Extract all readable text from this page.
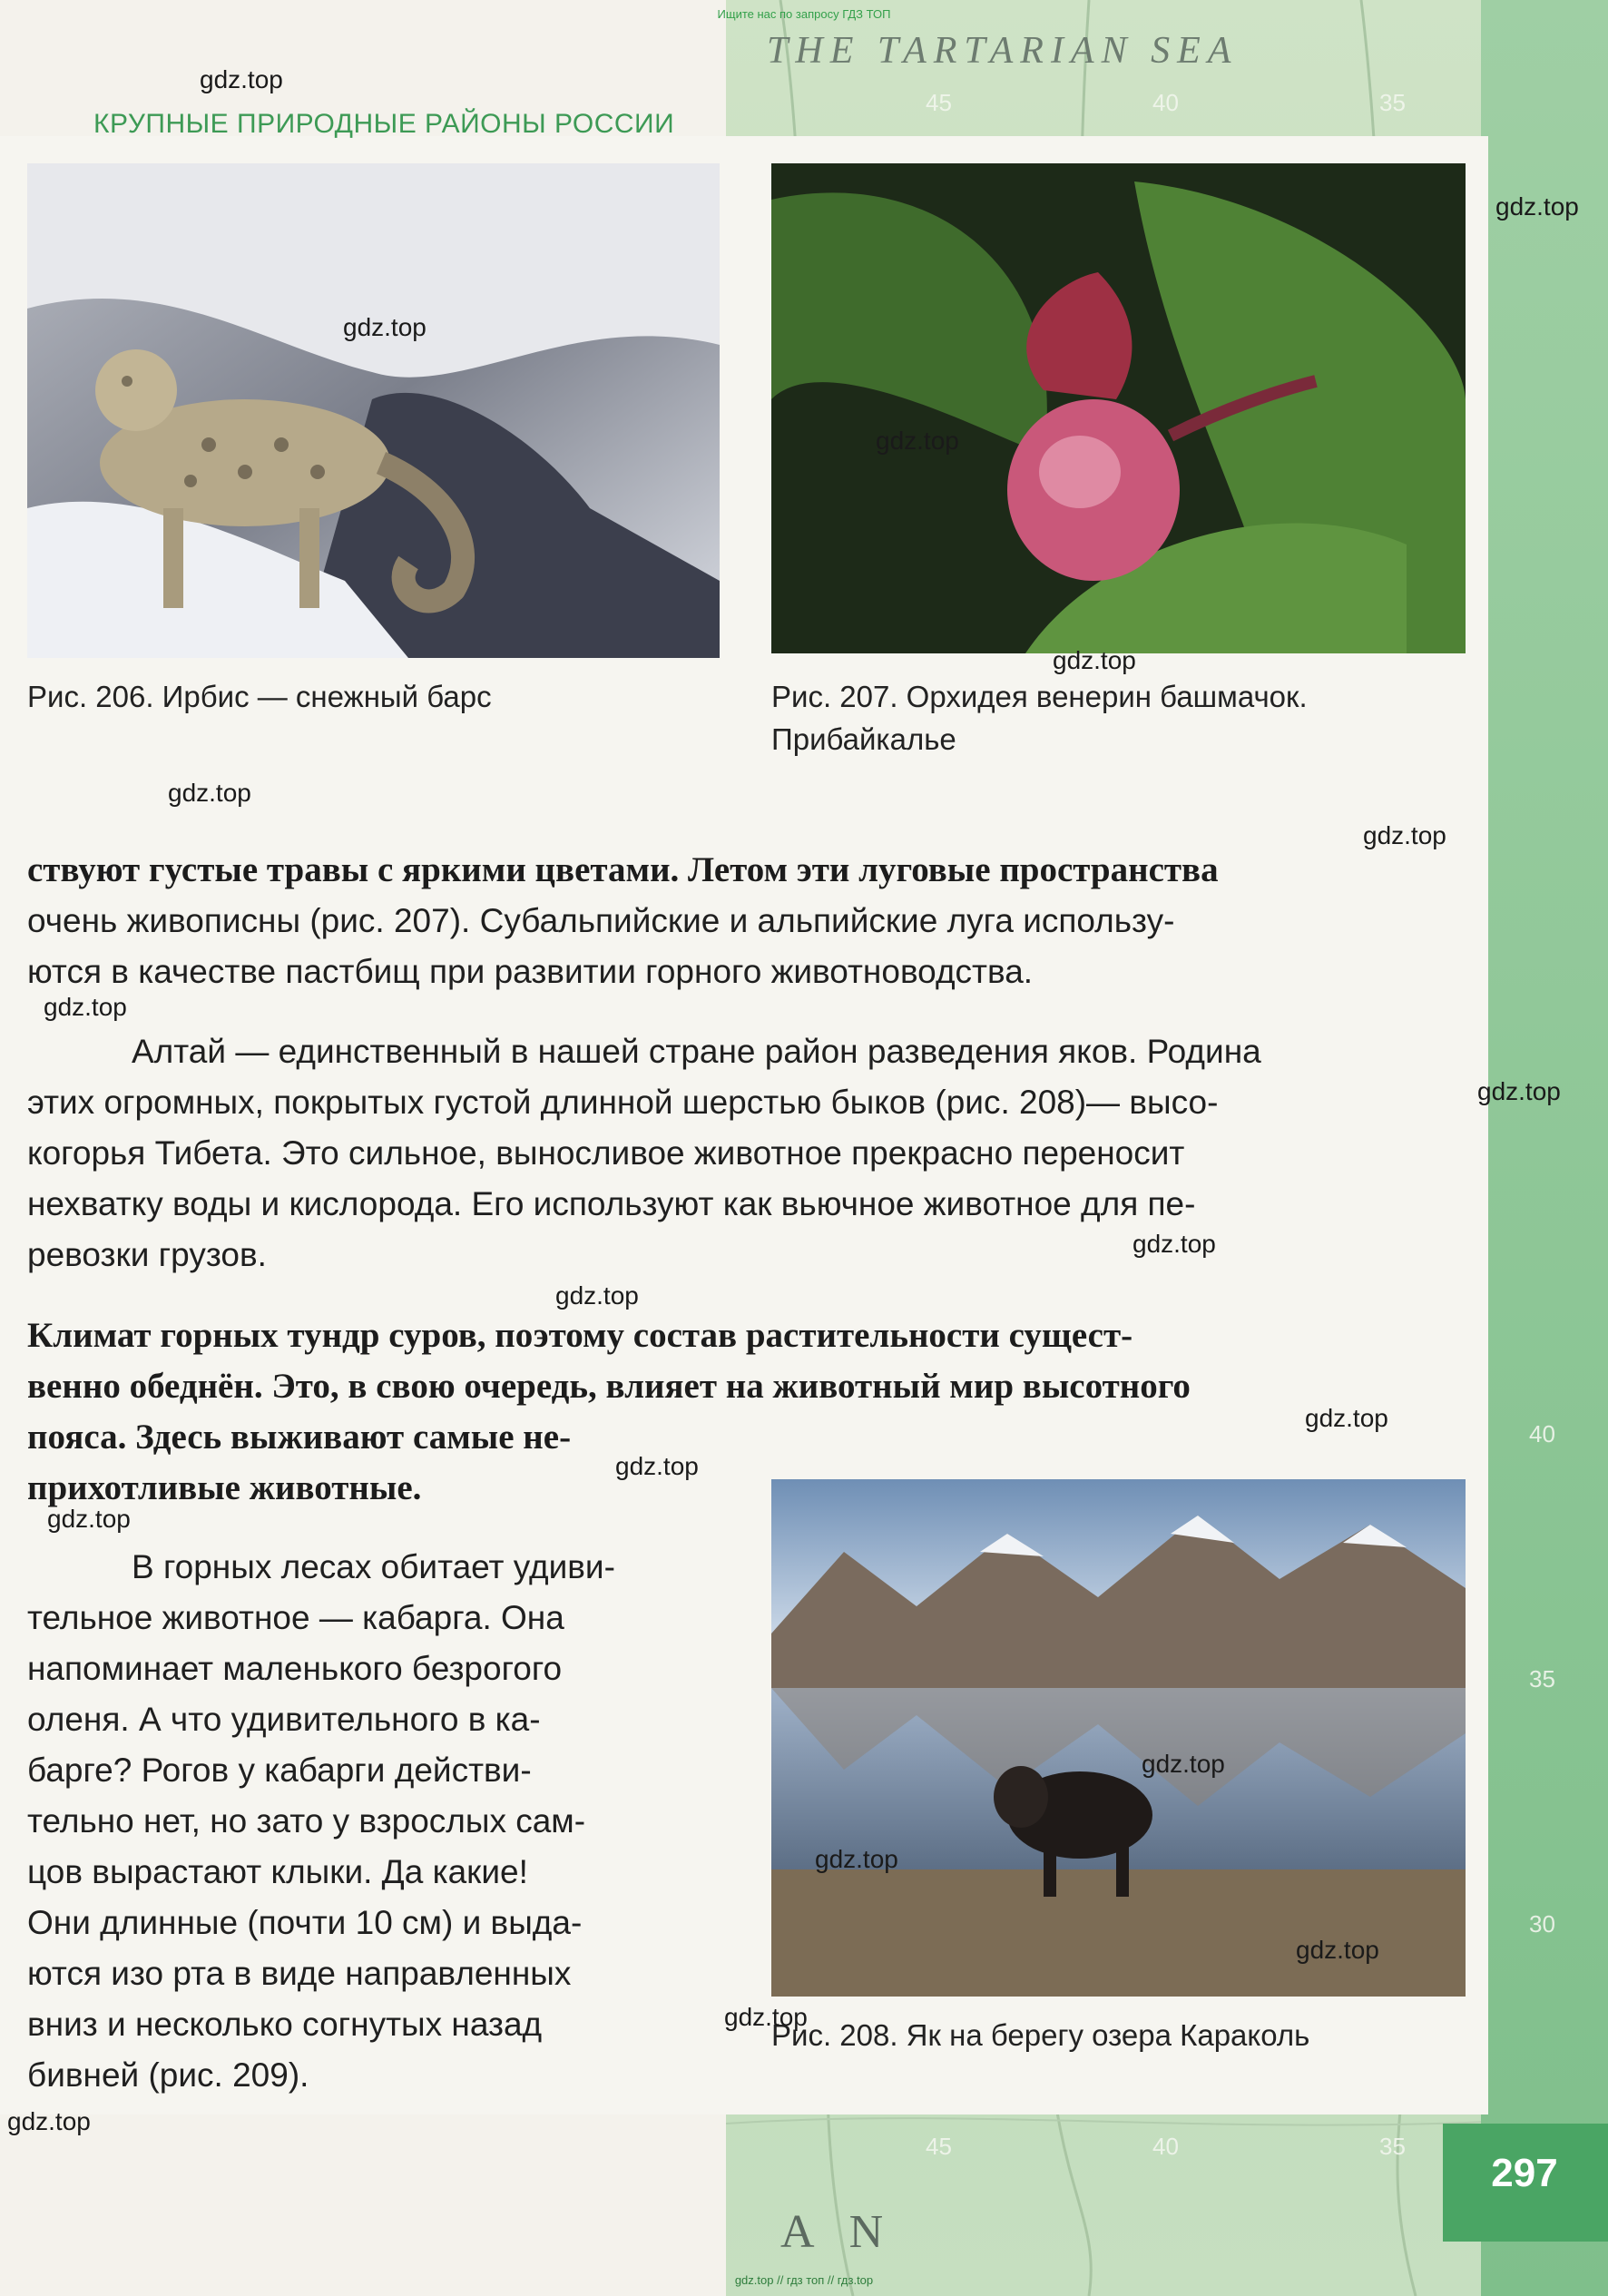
Ищите нас по запросу ГДЗ ТОП
THE TARTARIAN SEA
45	40	35
40
35
30
45	40	35
A N
297
КРУПНЫЕ ПРИРОДНЫЕ РАЙОНЫ РОССИИ
Рис. 206. Ирбис — снежный барс	Рис. 207. Орхидея венерин башмачок.
Прибайкалье

ствуют густые травы с яркими цветами. Летом эти луговые пространства

очень живописны (рис. 207). Субальпийские и альпийские луга использу-

ются в качестве пастбищ при развитии горного животноводства.

Алтай — единственный в нашей стране район разведения яков. Родина

этих огромных, покрытых густой длинной шерстью быков (рис. 208)— высо-

когорья Тибета. Это сильное, выносливое животное прекрасно переносит

нехватку воды и кислорода. Его используют как вьючное животное для пе-

ревозки грузов.

Климат горных тундр суров, поэтому состав растительности сущест-

венно обеднён. Это, в свою очередь, влияет на животный мир высотного

пояса. Здесь выживают самые не-

прихотливые животные.

В горных лесах обитает удиви-

тельное животное — кабарга. Она

напоминает маленького безрогого

оленя. А что удивительного в ка-

барге? Рогов у кабарги действи-

тельно нет, но зато у взрослых сам-

цов вырастают клыки. Да какие!

Они длинные (почти 10 см) и выда-

ются изо рта в виде направленных

вниз и несколько согнутых назад

бивней (рис. 209).

Рис. 208. Як на берегу озера Караколь
gdz.top
gdz.top
gdz.top
gdz.top
gdz.top
gdz.top
gdz.top
gdz.top
gdz.top
gdz.top
gdz.top
gdz.top
gdz.top
gdz.top
gdz.top
gdz.top
gdz.top
gdz.top
gdz.top
gdz.top // гдз топ // гдз.top
